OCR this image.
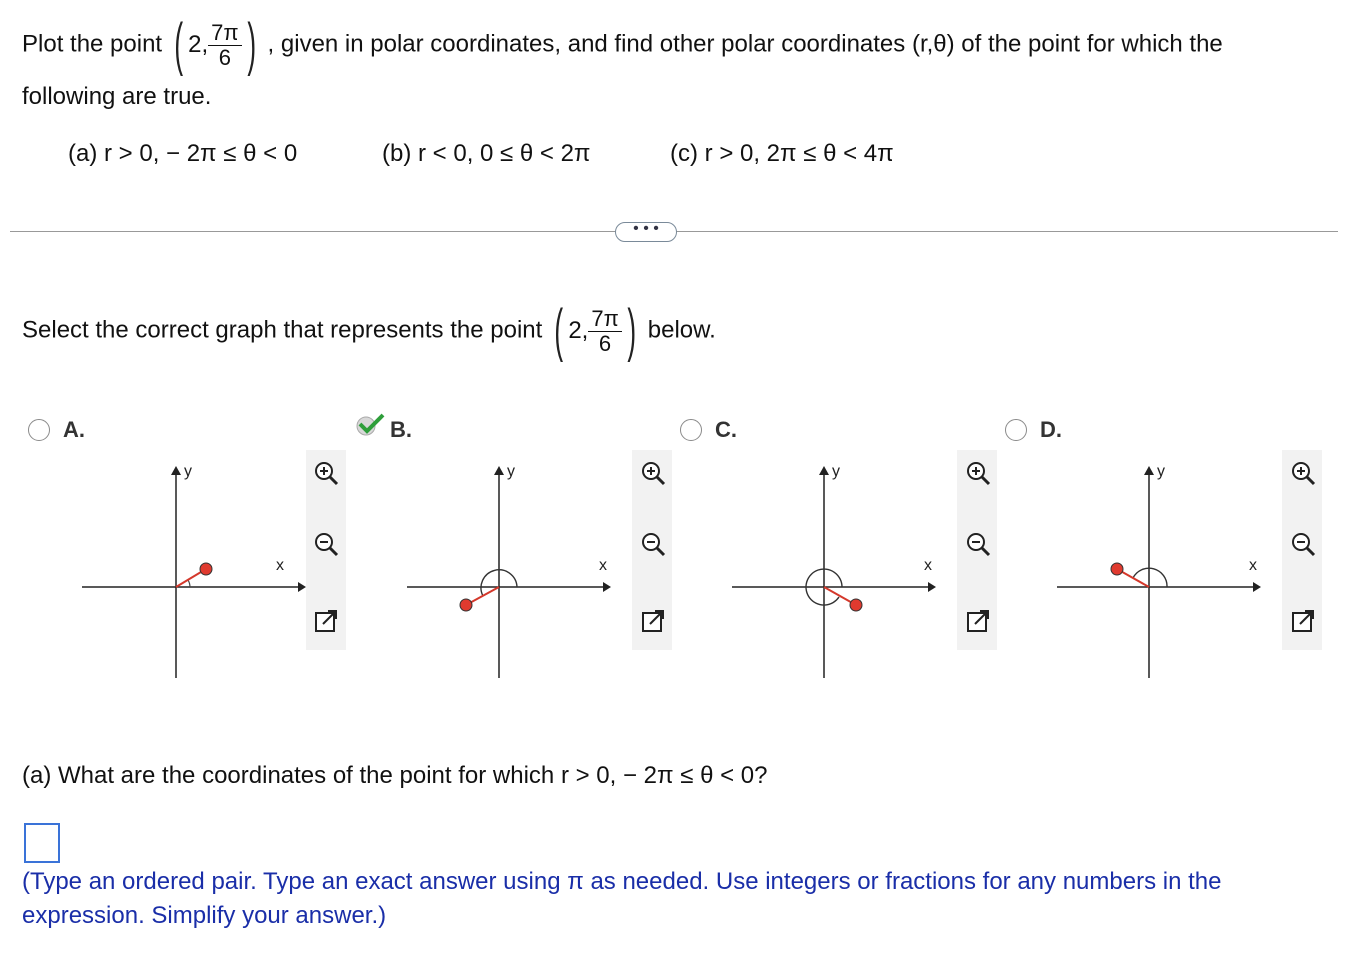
Plot the point ( 2, $\frac{7\pi}{6}$ ) , given in polar coordinates, and find other polar coordinates (r,θ) of the point for which the
following are true.
(a) r > 0, − 2π ≤ θ < 0	(b) r < 0, 0 ≤ θ < 2π	(c) r > 0, 2π ≤ θ < 4π
• • •
Select the correct graph that represents the point ( 2, $\frac{7\pi}{6}$ ) below.
A.
y
x
B.
y
x
C.
y
x
D.
y
x
(a) What are the coordinates of the point for which r > 0, − 2π ≤ θ < 0?
(Type an ordered pair. Type an exact answer using π as needed. Use integers or fractions for any numbers in the expression. Simplify your answer.)
